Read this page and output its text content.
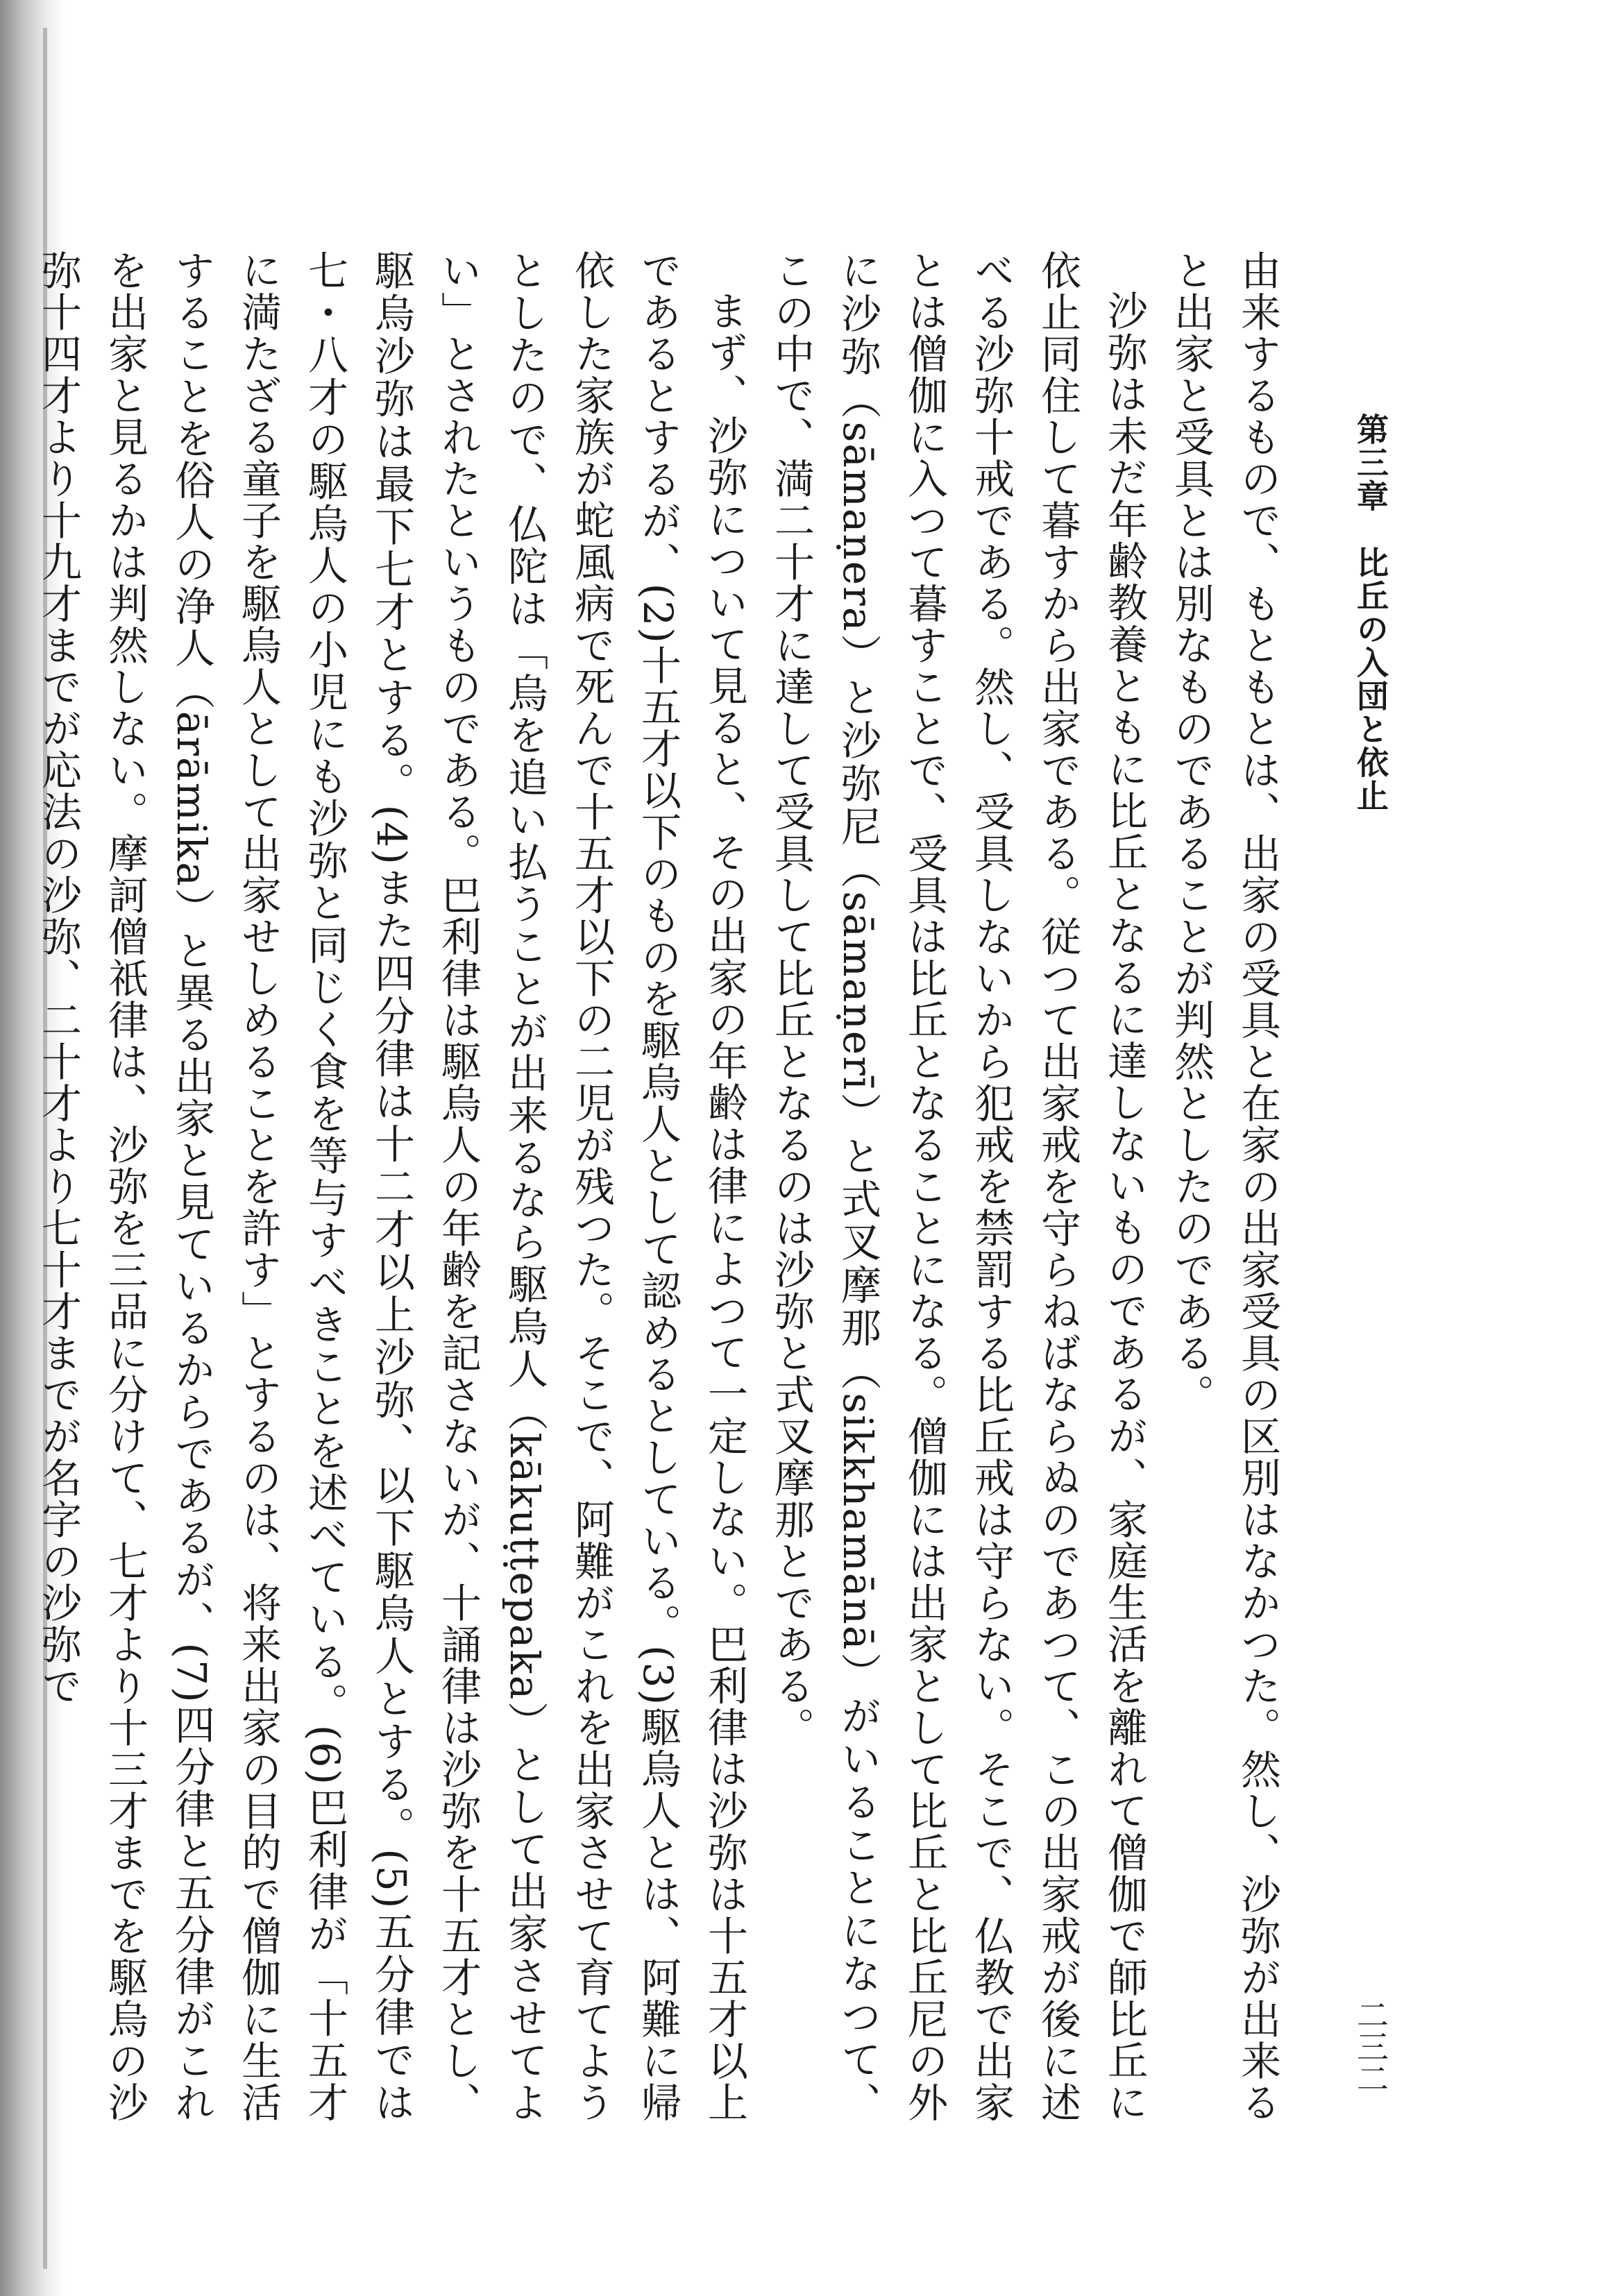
第三章　比丘の入団と依止
二三二

由来するもので、もともとは、出家の受具と在家の出家受具の区別はなかつた。然し、沙弥が出来ると出家と受具とは別なものであることが判然としたのである。

沙弥は未だ年齢教養ともに比丘となるに達しないものであるが、家庭生活を離れて僧伽で師比丘に依止同住して暮すから出家である。従つて出家戒を守らねばならぬのであつて、この出家戒が後に述べる沙弥十戒である。然し、受具しないから犯戒を禁罰する比丘戒は守らない。そこで、仏教で出家とは僧伽に入つて暮すことで、受具は比丘となることになる。僧伽には出家として比丘と比丘尼の外に沙弥（sāmaṇera）と沙弥尼（sāmaṇerī）と式叉摩那（sikkhamānā）がいることになつて、この中で、満二十才に達して受具して比丘となるのは沙弥と式叉摩那とである。

まず、沙弥について見ると、その出家の年齢は律によつて一定しない。巴利律は沙弥は十五才以上であるとするが、(2)十五才以下のものを駆烏人として認めるとしている。(3)駆烏人とは、阿難に帰依した家族が蛇風病で死んで十五才以下の二児が残つた。そこで、阿難がこれを出家させて育てようとしたので、仏陀は「烏を追い払うことが出来るなら駆烏人（kākuṭṭepaka）として出家させてよい」とされたというものである。巴利律は駆烏人の年齢を記さないが、十誦律は沙弥を十五才とし、駆烏沙弥は最下七才とする。(4)また四分律は十二才以上沙弥、以下駆烏人とする。(5)五分律では七・八才の駆烏人の小児にも沙弥と同じく食を等与すべきことを述べている。(6)巴利律が「十五才に満たざる童子を駆烏人として出家せしめることを許す」とするのは、将来出家の目的で僧伽に生活することを俗人の浄人（ārāmika）と異る出家と見ているからであるが、(7)四分律と五分律がこれを出家と見るかは判然しない。摩訶僧祇律は、沙弥を三品に分けて、七才より十三才までを駆烏の沙弥十四才より十九才までが応法の沙弥、二十才より七十才までが名字の沙弥で
